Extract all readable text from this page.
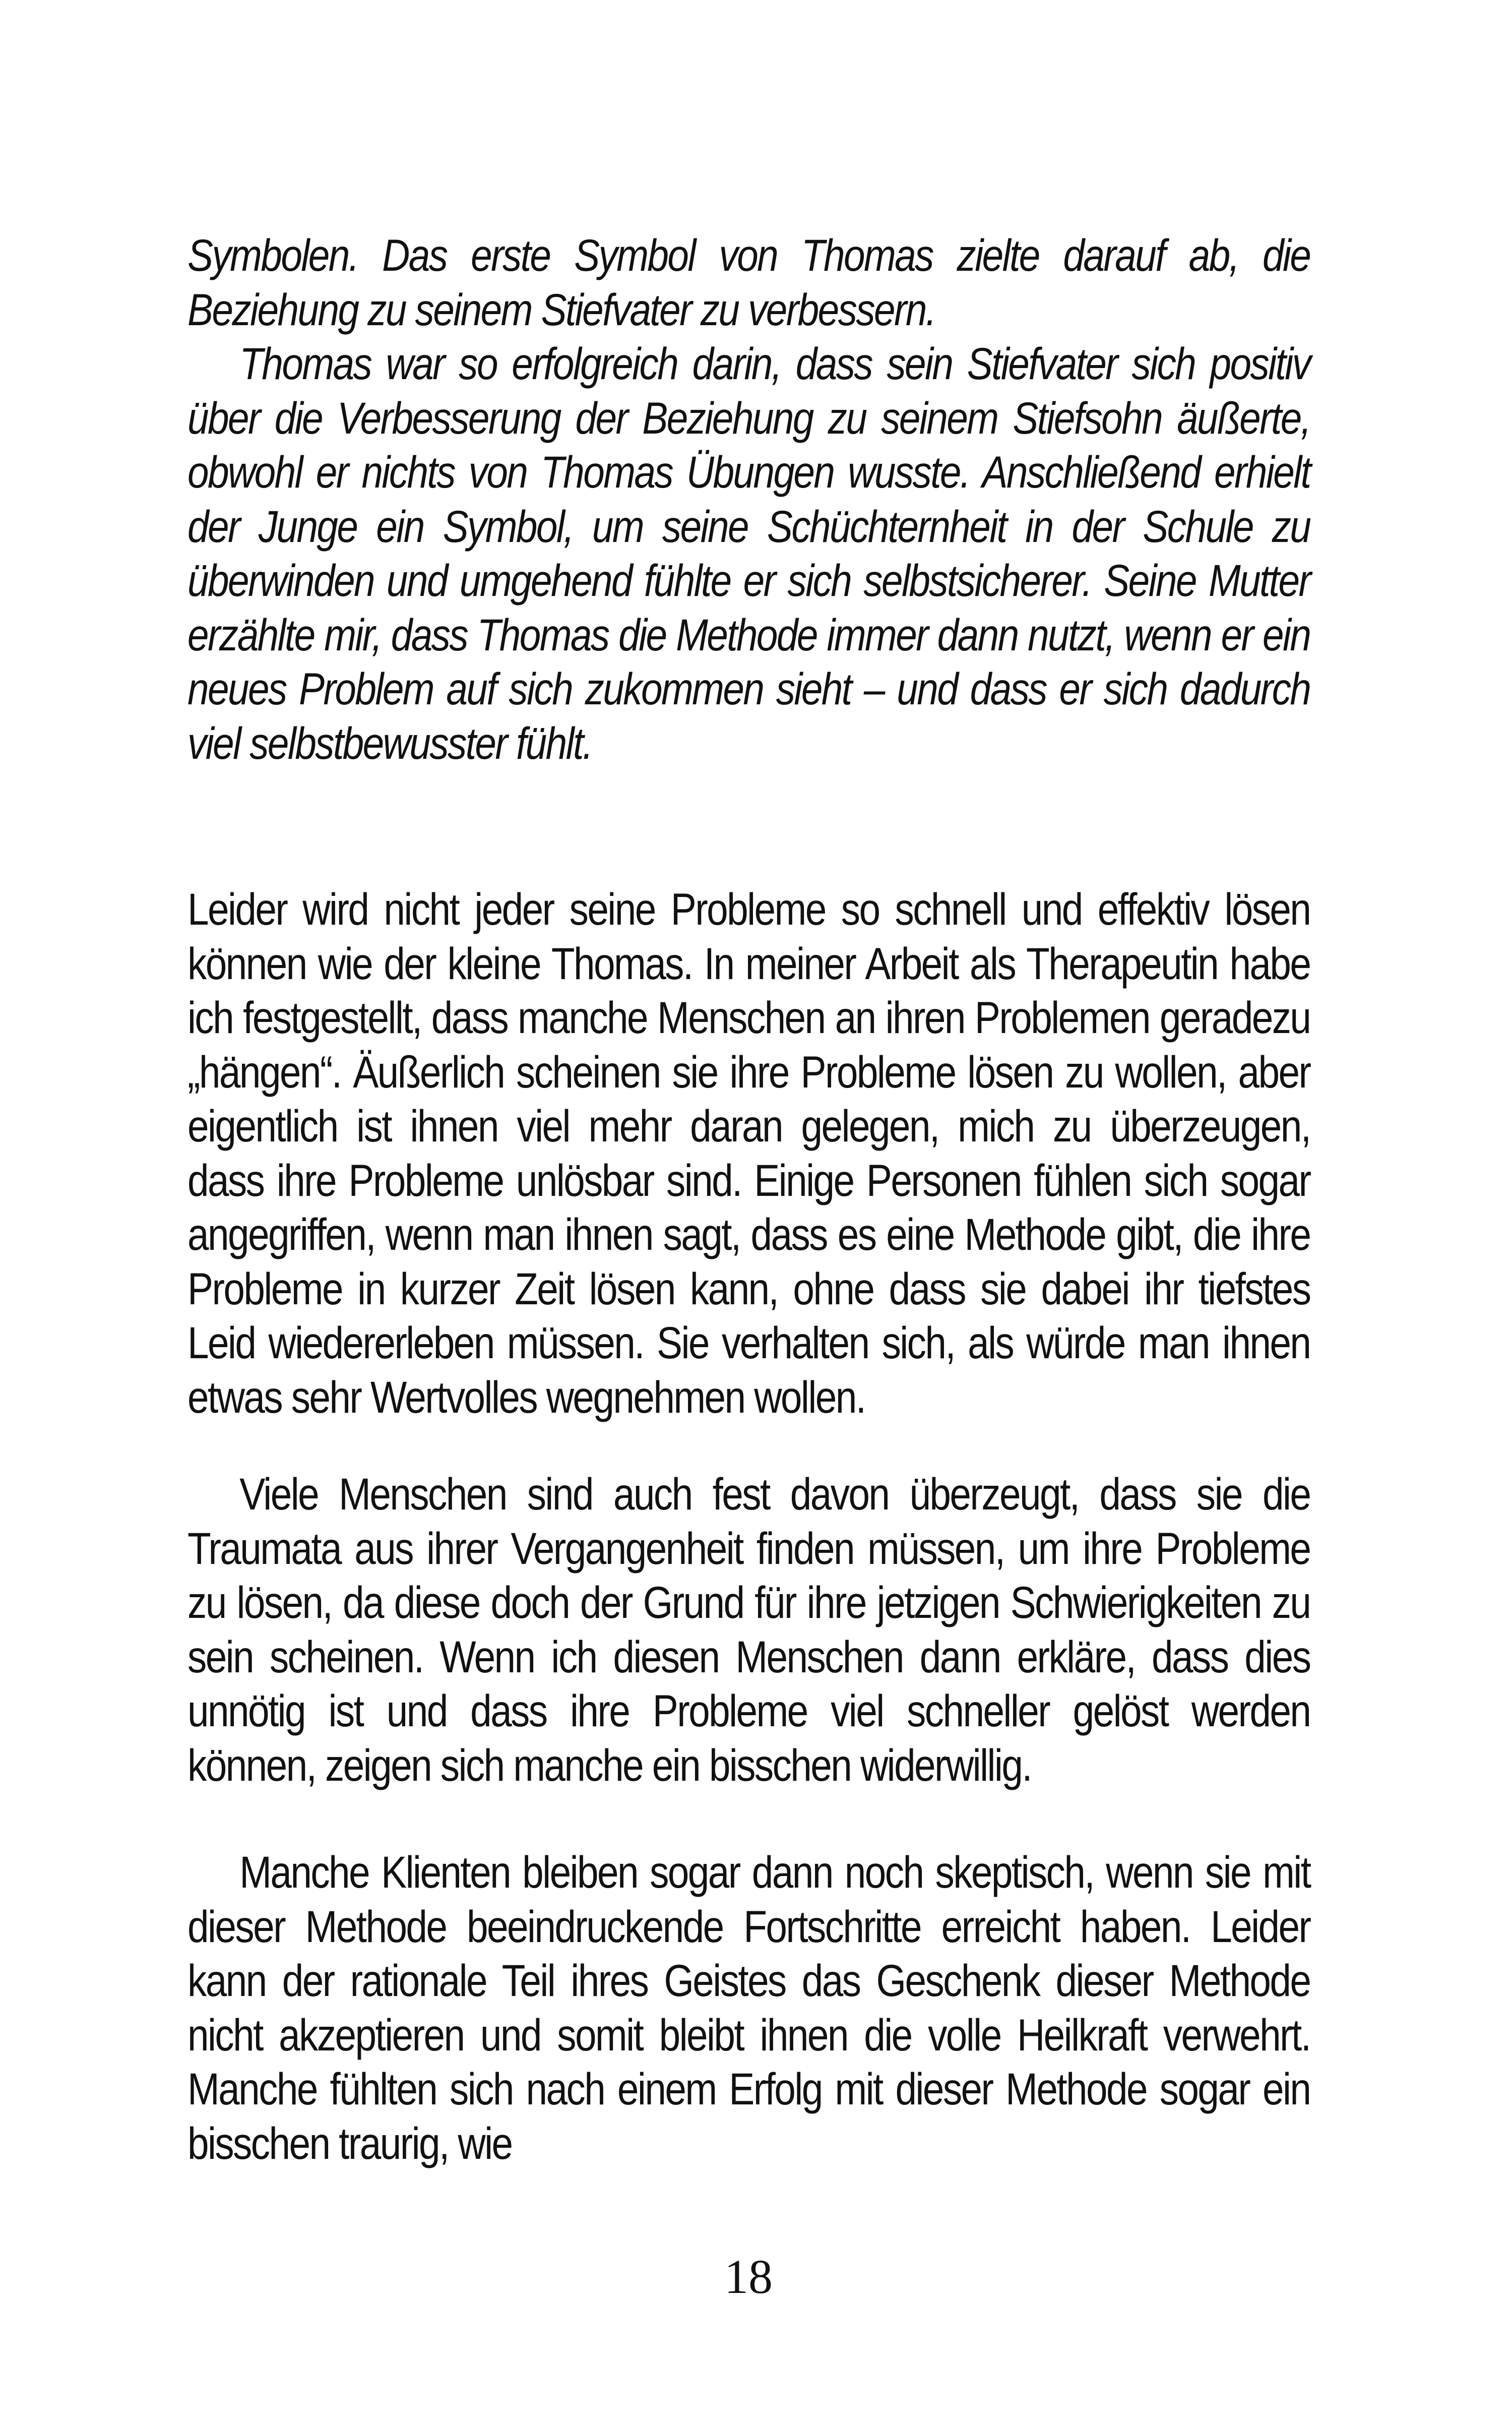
Symbolen. Das erste Symbol von Thomas zielte darauf ab, die Beziehung zu seinem Stiefvater zu verbessern.

Thomas war so erfolgreich darin, dass sein Stiefvater sich positiv über die Verbesserung der Beziehung zu seinem Stiefsohn äußerte, obwohl er nichts von Thomas Übungen wusste. Anschließend erhielt der Junge ein Symbol, um seine Schüchternheit in der Schule zu überwinden und umgehend fühlte er sich selbstsicherer. Seine Mutter erzählte mir, dass Thomas die Methode immer dann nutzt, wenn er ein neues Problem auf sich zukommen sieht – und dass er sich dadurch viel selbstbewusster fühlt.

Leider wird nicht jeder seine Probleme so schnell und effektiv lösen können wie der kleine Thomas. In meiner Arbeit als Therapeutin habe ich festgestellt, dass manche Menschen an ihren Problemen geradezu „hängen“. Äußerlich scheinen sie ihre Probleme lösen zu wollen, aber eigentlich ist ihnen viel mehr daran gelegen, mich zu überzeugen, dass ihre Probleme unlösbar sind. Einige Personen fühlen sich sogar angegriffen, wenn man ihnen sagt, dass es eine Methode gibt, die ihre Probleme in kurzer Zeit lösen kann, ohne dass sie dabei ihr tiefstes Leid wiedererleben müssen. Sie verhalten sich, als würde man ihnen etwas sehr Wertvolles wegnehmen wollen.

Viele Menschen sind auch fest davon überzeugt, dass sie die Traumata aus ihrer Vergangenheit finden müssen, um ihre Probleme zu lösen, da diese doch der Grund für ihre jetzigen Schwierigkeiten zu sein scheinen. Wenn ich diesen Menschen dann erkläre, dass dies unnötig ist und dass ihre Probleme viel schneller gelöst werden können, zeigen sich manche ein bisschen widerwillig.

Manche Klienten bleiben sogar dann noch skeptisch, wenn sie mit dieser Methode beeindruckende Fortschritte erreicht haben. Leider kann der rationale Teil ihres Geistes das Geschenk dieser Methode nicht akzeptieren und somit bleibt ihnen die volle Heilkraft verwehrt. Manche fühlten sich nach einem Erfolg mit dieser Methode sogar ein bisschen traurig, wie

18
